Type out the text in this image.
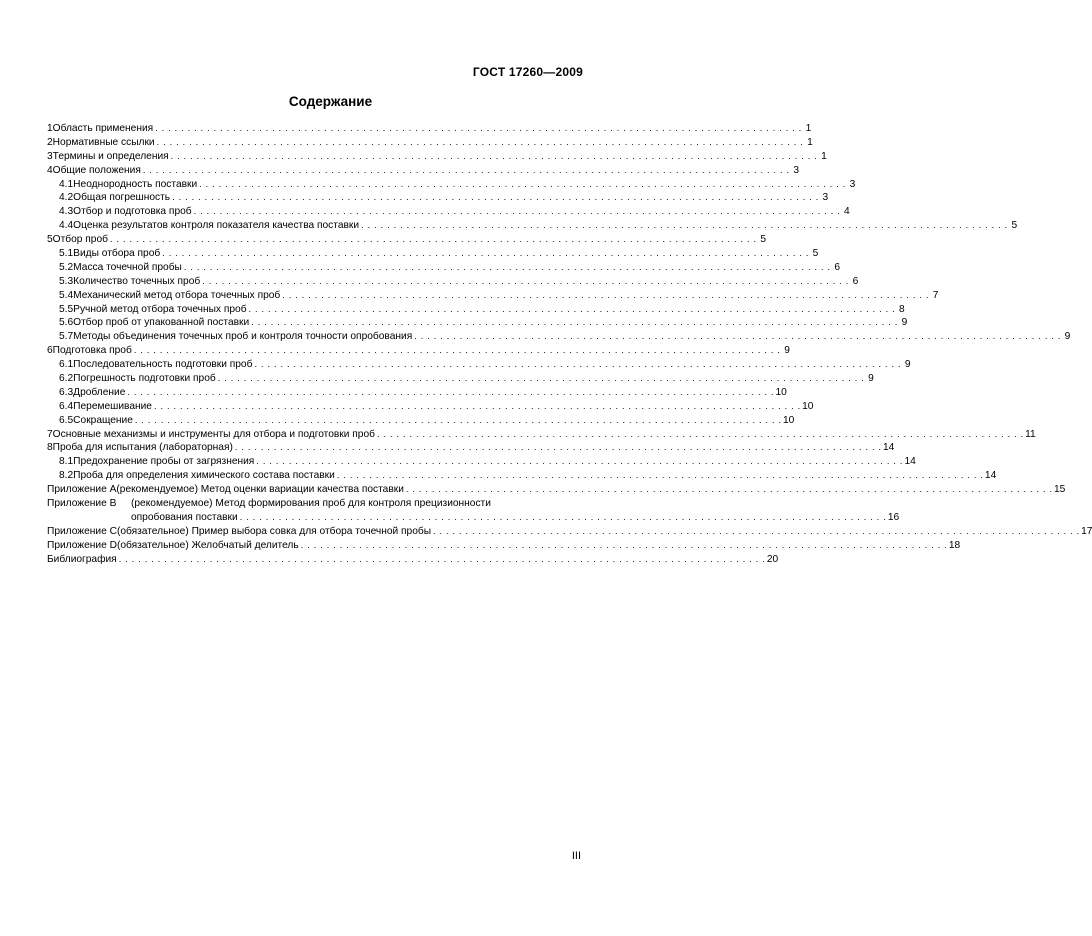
ГОСТ 17260—2009
Содержание
1 Область применения . . .	1
2 Нормативные ссылки . . .	1
3 Термины и определения . . .	1
4 Общие положения . . .	3
4.1 Неоднородность поставки . . .	3
4.2 Общая погрешность . . .	3
4.3 Отбор и подготовка проб . . .	4
4.4 Оценка результатов контроля показателя качества поставки . . .	5
5 Отбор проб . . .	5
5.1 Виды отбора проб . . .	5
5.2 Масса точечной пробы . . .	6
5.3 Количество точечных проб . . .	6
5.4 Механический метод отбора точечных проб . . .	7
5.5 Ручной метод отбора точечных проб . . .	8
5.6 Отбор проб от упакованной поставки . . .	9
5.7 Методы объединения точечных проб и контроля точности опробования . . .	9
6 Подготовка проб . . .	9
6.1 Последовательность подготовки проб . . .	9
6.2 Погрешность подготовки проб . . .	9
6.3 Дробление . . .	10
6.4 Перемешивание . . .	10
6.5 Сокращение . . .	10
7 Основные механизмы и инструменты для отбора и подготовки проб . . .	11
8 Проба для испытания (лабораторная) . . .	14
8.1 Предохранение пробы от загрязнения . . .	14
8.2 Проба для определения химического состава поставки . . .	14
Приложение А (рекомендуемое) Метод оценки вариации качества поставки . . .	15
Приложение В	(рекомендуемое) Метод формирования проб для контроля прецизионности
опробования поставки . . .	16
Приложение С (обязательное) Пример выбора совка для отбора точечной пробы . . .	17
Приложение D (обязательное) Желобчатый делитель . . .	18
Библиография . . .	20
III
